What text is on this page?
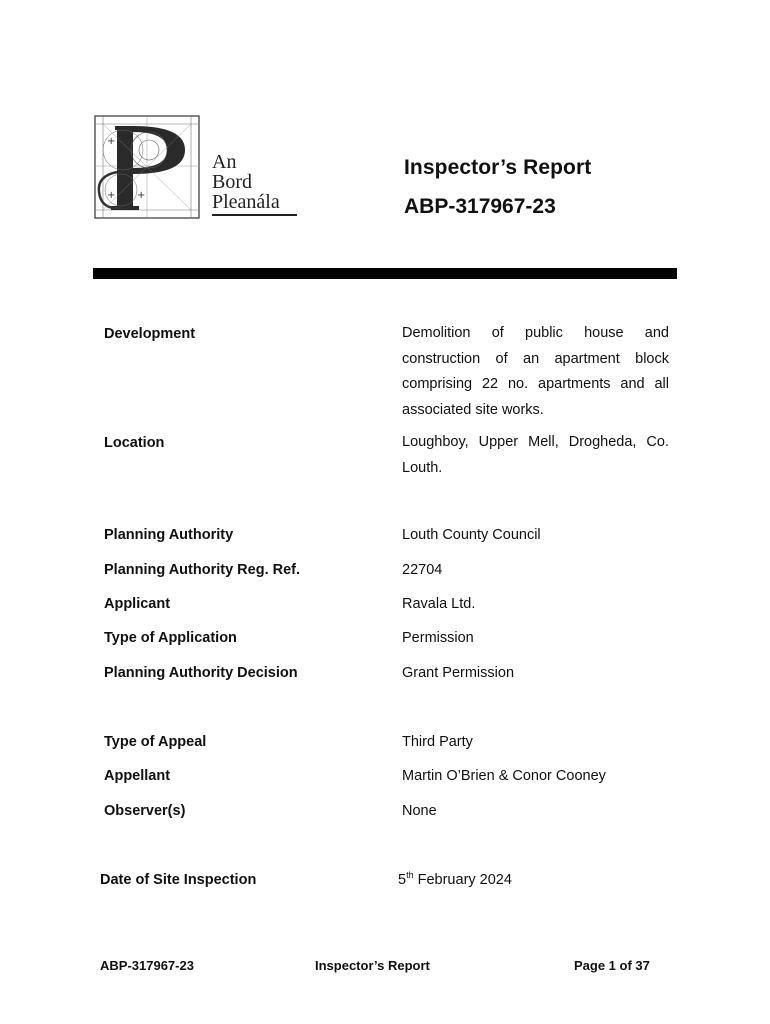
+
+ +
An
Bord
Pleanála
Inspector’s Report
ABP-317967-23
Development	Demolition of public house and
construction of an apartment block
comprising 22 no. apartments and all
associated site works.
Location	Loughboy, Upper Mell, Drogheda, Co.
Louth.
Planning Authority	Louth County Council
Planning Authority Reg. Ref.	22704
Applicant	Ravala Ltd.
Type of Application	Permission
Planning Authority Decision	Grant Permission
Type of Appeal	Third Party
Appellant	Martin O’Brien & Conor Cooney
Observer(s)	None
Date of Site Inspection	5th February 2024
ABP-317967-23	Inspector’s Report	Page 1 of 37
